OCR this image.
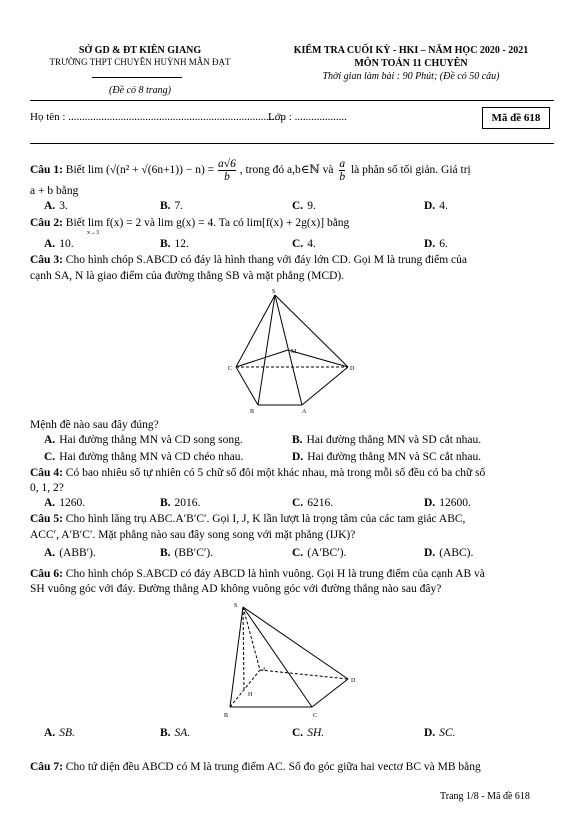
SỞ GD & ĐT KIÊN GIANG
TRƯỜNG THPT CHUYÊN HUỲNH MẪN ĐẠT
(Đề có 8 trang)
KIỂM TRA CUỐI KỲ - HKI – NĂM HỌC 2020 - 2021
MÔN TOÁN 11 CHUYÊN
Thời gian làm bài : 90 Phút; (Đề có 50 câu)
Họ tên : ...............................................................................
Lớp : ...................	Mã đề 618
Câu 1: Biết $\lim (√(n^2 + √(6n+1)) - n) = \frac{a√6}{b}$ , trong đó a,b∈ℕ và $\frac{a}{b}$ là phân số tối giản. Giá trị
a + b bằng
A. 3.	B. 7.	C. 9.	D. 4.
Câu 2: Biết lim f(x) = 2 và lim g(x) = 4. Ta có lim[f(x) + 2g(x)] bằng
x→3
A. 10.	B. 12.	C. 4.	D. 6.
Câu 3: Cho hình chóp S.ABCD có đáy là hình thang với đáy lớn CD. Gọi M là trung điểm của
cạnh SA, N là giao điểm của đường thẳng SB và mặt phẳng (MCD).
S
M
C	D
B	A
Mệnh đề nào sau đây đúng?
A. Hai đường thẳng MN và CD song song.	B. Hai đường thẳng MN và SD cắt nhau.
C. Hai đường thẳng MN và CD chéo nhau.	D. Hai đường thẳng MN và SC cắt nhau.
Câu 4: Có bao nhiêu số tự nhiên có 5 chữ số đôi một khác nhau, mà trong mỗi số đều có ba chữ số
0, 1, 2?
A. 1260.	B. 2016.	C. 6216.	D. 12600.
Câu 5: Cho hình lăng trụ ABC.A′B′C′. Gọi I, J, K lần lượt là trọng tâm của các tam giác ABC,
ACC′, A′B′C′. Mặt phẳng nào sau đây song song với mặt phẳng (IJK)?
A. (ABB′).	B. (BB′C′).	C. (A′BC′).	D. (ABC).
Câu 6: Cho hình chóp S.ABCD có đáy ABCD là hình vuông. Gọi H là trung điểm của cạnh AB và
SH vuông góc với đáy. Đường thẳng AD không vuông góc với đường thẳng nào sau đây?
S
A
H
D
B	C
A. SB.	B. SA.	C. SH.	D. SC.
Câu 7: Cho tứ diện đều ABCD có M là trung điểm AC. Số đo góc giữa hai vectơ BC và MB bằng
Trang 1/8 - Mã đề 618
